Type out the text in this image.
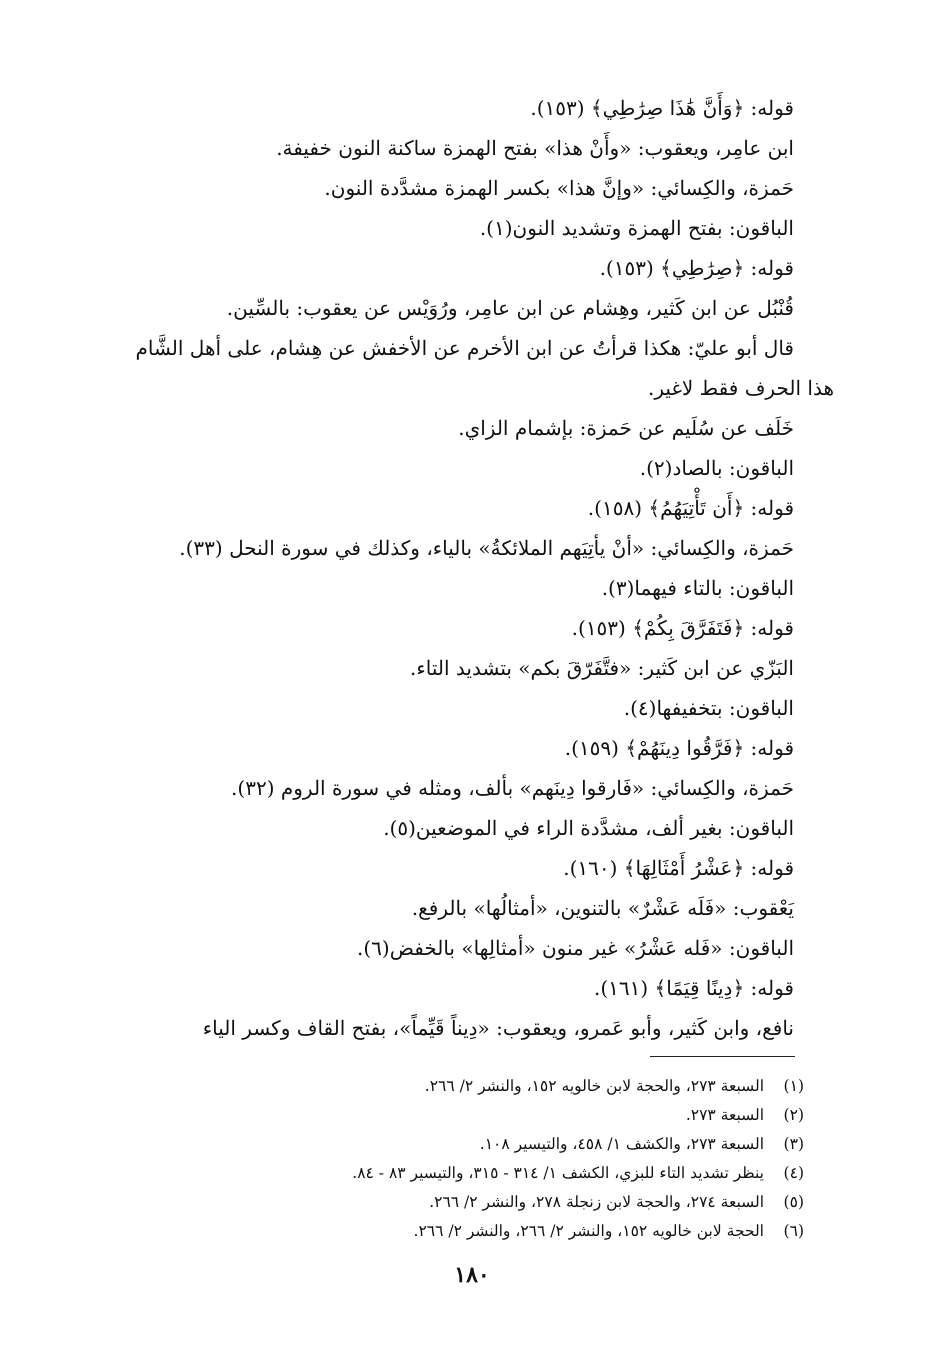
قوله: ﴿وَأَنَّ هَٰذَا صِرَٰطِي﴾ (١٥٣).
ابن عامِر، ويعقوب: «وأَنْ هذا» بفتح الهمزة ساكنة النون خفيفة.
حَمزة، والكِسائي: «وإنَّ هذا» بكسر الهمزة مشدَّدة النون.
الباقون: بفتح الهمزة وتشديد النون(١).
قوله: ﴿صِرَٰطِي﴾ (١٥٣).
قُنْبُل عن ابن كَثير، وهِشام عن ابن عامِر، ورُوَيْس عن يعقوب: بالسِّين.
قال أبو عليّ: هكذا قرأتُ عن ابن الأخرم عن الأخفش عن هِشام، على أهل الشَّام
هذا الحرف فقط لاغير.
خَلَف عن سُلَيم عن حَمزة: بإشمام الزاي.
الباقون: بالصاد(٢).
قوله: ﴿أَن تَأْتِيَهُمُ﴾ (١٥٨).
حَمزة، والكِسائي: «أنْ يأتِيَهم الملائكةُ» بالياء، وكذلك في سورة النحل (٣٣).
الباقون: بالتاء فيهما(٣).
قوله: ﴿فَتَفَرَّقَ بِكُمْ﴾ (١٥٣).
البَزّي عن ابن كَثير: «فتَّفَرّقَ بكم» بتشديد التاء.
الباقون: بتخفيفها(٤).
قوله: ﴿فَرَّقُوا دِينَهُمْ﴾ (١٥٩).
حَمزة، والكِسائي: «فَارقوا دِينَهم» بألف، ومثله في سورة الروم (٣٢).
الباقون: بغير ألف، مشدَّدة الراء في الموضعين(٥).
قوله: ﴿عَشْرُ أَمْثَالِهَا﴾ (١٦٠).
يَعْقوب: «فَلَه عَشْرٌ» بالتنوين، «أمثالُها» بالرفع.
الباقون: «فَله عَشْرُ» غير منون «أمثالِها» بالخفض(٦).
قوله: ﴿دِينًا قِيَمًا﴾ (١٦١).
نافع، وابن كَثير، وأبو عَمرو، ويعقوب: «دِيناً قَيِّماً»، بفتح القاف وكسر الياء
(١)السبعة ٢٧٣، والحجة لابن خالويه ١٥٢، والنشر ٢/ ٢٦٦.
(٢)السبعة ٢٧٣.
(٣)السبعة ٢٧٣، والكشف ١/ ٤٥٨، والتيسير ١٠٨.
(٤)ينظر تشديد التاء للبزي، الكشف ١/ ٣١٤ - ٣١٥، والتيسير ٨٣ - ٨٤.
(٥)السبعة ٢٧٤، والحجة لابن زنجلة ٢٧٨، والنشر ٢/ ٢٦٦.
(٦)الحجة لابن خالويه ١٥٢، والنشر ٢/ ٢٦٦، والنشر ٢/ ٢٦٦.
١٨٠
